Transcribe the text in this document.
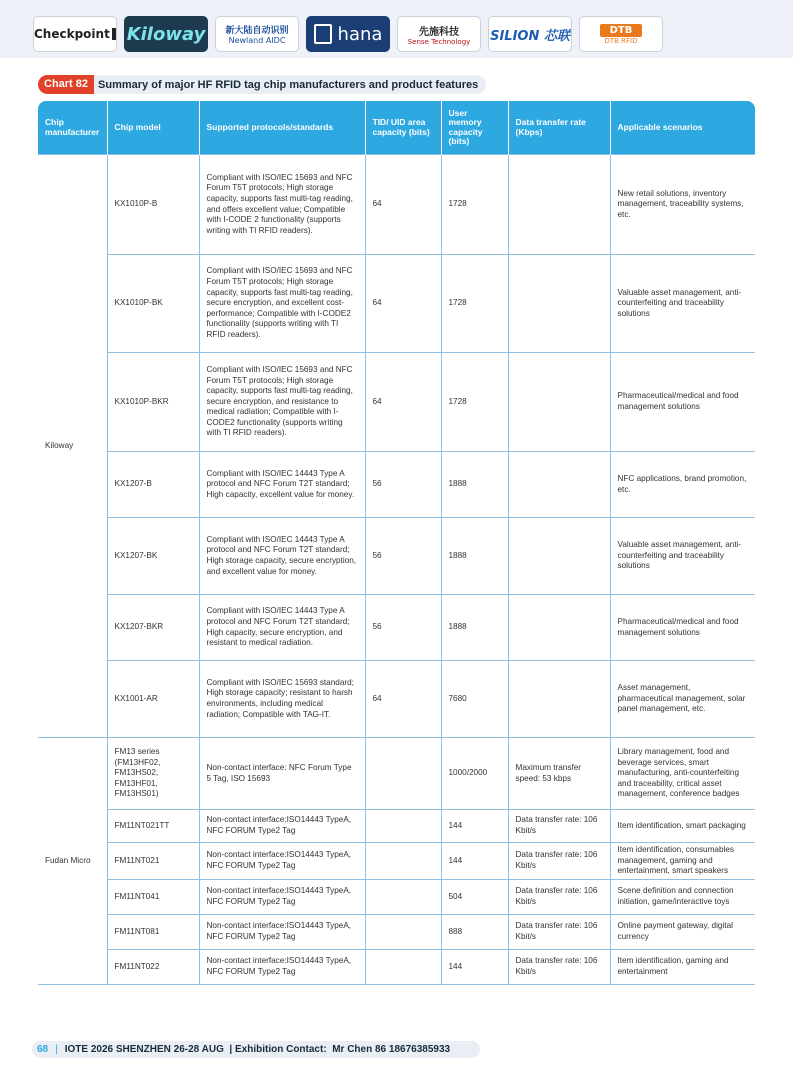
Checkpoint Kiloway 新大陆自动识别
Newland AIDC	hana	先施科技
Sense Technology SILION 芯联	DTB
DTB RFID
Chart 82 Summary of major HF RFID tag chip manufacturers and product features
Chip manufacturer	Chip model	Supported protocols/standards	TID/ UID area capacity (bits)	User memory capacity (bits)	Data transfer rate (Kbps)	Applicable scenarios
Kiloway	KX1010P-B	Compliant with ISO/IEC 15693 and NFC Forum T5T protocols; High storage capacity, supports fast multi-tag reading, and offers excellent value; Compatible with I-CODE 2 functionality (supports writing with TI RFID readers).	64	1728		New retail solutions, inventory management, traceability systems, etc.
	KX1010P-BK	Compliant with ISO/IEC 15693 and NFC Forum T5T protocols; High storage capacity, supports fast multi-tag reading, secure encryption, and excellent cost-performance; Compatible with I-CODE2 functionality (supports writing with TI RFID readers).	64	1728		Valuable asset management, anti-counterfeiting and traceability solutions
	KX1010P-BKR	Compliant with ISO/IEC 15693 and NFC Forum T5T protocols; High storage capacity, supports fast multi-tag reading, secure encryption, and resistance to medical radiation; Compatible with I-CODE2 functionality (supports writing with TI RFID readers).	64	1728		Pharmaceutical/medical and food management solutions
	KX1207-B	Compliant with ISO/IEC 14443 Type A protocol and NFC Forum T2T standard; High capacity, excellent value for money.	56	1888		NFC applications, brand promotion, etc.
	KX1207-BK	Compliant with ISO/IEC 14443 Type A protocol and NFC Forum T2T standard; High storage capacity, secure encryption, and excellent value for money.	56	1888		Valuable asset management, anti-counterfeiting and traceability solutions
	KX1207-BKR	Compliant with ISO/IEC 14443 Type A protocol and NFC Forum T2T standard; High capacity, secure encryption, and resistant to medical radiation.	56	1888		Pharmaceutical/medical and food management solutions
	KX1001-AR	Compliant with ISO/IEC 15693 standard; High storage capacity; resistant to harsh environments, including medical radiation; Compatible with TAG-IT.	64	7680		Asset management, pharmaceutical management, solar panel management, etc.
Fudan Micro	FM13 series (FM13HF02, FM13HS02, FM13HF01, FM13HS01)	Non-contact interface: NFC Forum Type 5 Tag, ISO 15693		1000/2000	Maximum transfer speed: 53 kbps	Library management, food and beverage services, smart manufacturing, anti-counterfeiting and traceability, critical asset management, conference badges
	FM11NT021TT	Non-contact interface:ISO14443 TypeA, NFC FORUM Type2 Tag		144	Data transfer rate: 106 Kbit/s	Item identification, smart packaging
	FM11NT021	Non-contact interface:ISO14443 TypeA, NFC FORUM Type2 Tag		144	Data transfer rate: 106 Kbit/s	Item identification, consumables management, gaming and entertainment, smart speakers
	FM11NT041	Non-contact interface:ISO14443 TypeA, NFC FORUM Type2 Tag		504	Data transfer rate: 106 Kbit/s	Scene definition and connection initiation, game/interactive toys
	FM11NT081	Non-contact interface:ISO14443 TypeA, NFC FORUM Type2 Tag		888	Data transfer rate: 106 Kbit/s	Online payment gateway, digital currency
	FM11NT022	Non-contact interface:ISO14443 TypeA, NFC FORUM Type2 Tag		144	Data transfer rate: 106 Kbit/s	Item identification, gaming and entertainment
68 | IOTE 2026 SHENZHEN 26-28 AUG  | Exhibition Contact:  Mr Chen 86 18676385933
